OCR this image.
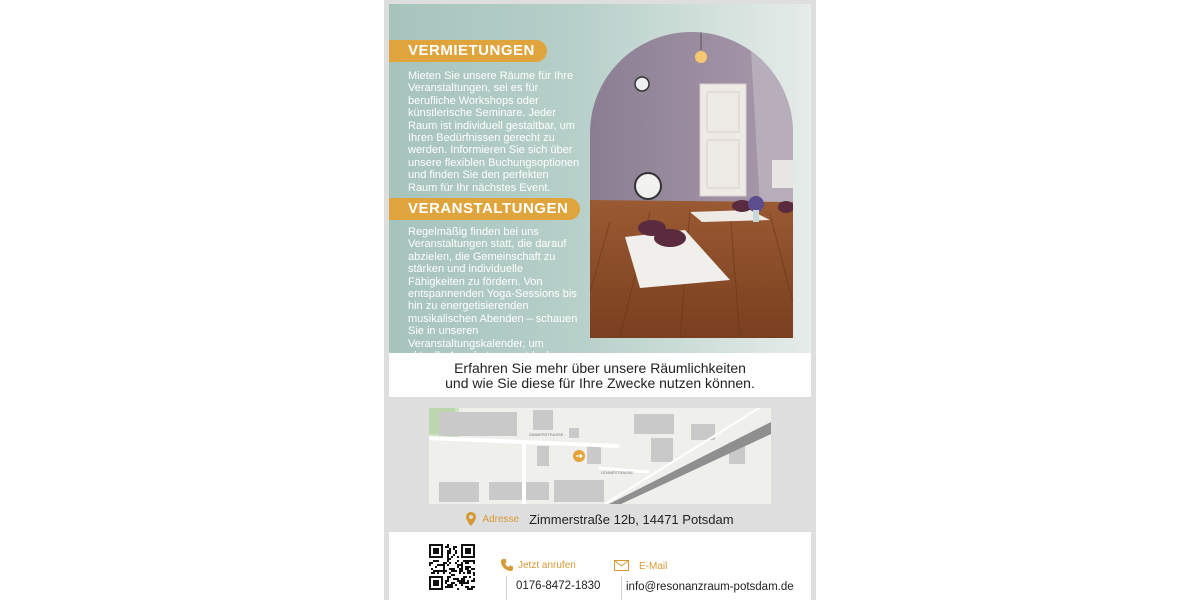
VERMIETUNGEN
Mieten Sie unsere Räume für Ihre Veranstaltungen, sei es für berufliche Workshops oder künstlerische Seminare. Jeder Raum ist individuell gestaltbar, um Ihren Bedürfnissen gerecht zu werden. Informieren Sie sich über unsere flexiblen Buchungsoptionen und finden Sie den perfekten Raum für Ihr nächstes Event.
VERANSTALTUNGEN
Regelmäßig finden bei uns Veranstaltungen statt, die darauf abzielen, die Gemeinschaft zu stärken und individuelle Fähigkeiten zu fördern. Von entspannenden Yoga-Sessions bis hin zu energetisierenden musikalischen Abenden – schauen Sie in unseren Veranstaltungskalender, um
Erfahren Sie mehr über unsere Räumlichkeiten
und wie Sie diese für Ihre Zwecke nutzen können.
ZIMMERSTRASSE
LENNÉSTRASSE
Adresse Zimmerstraße 12b, 14471 Potsdam
Jetzt anrufen
0176-8472-1830
E-Mail
info@resonanzraum-potsdam.de
